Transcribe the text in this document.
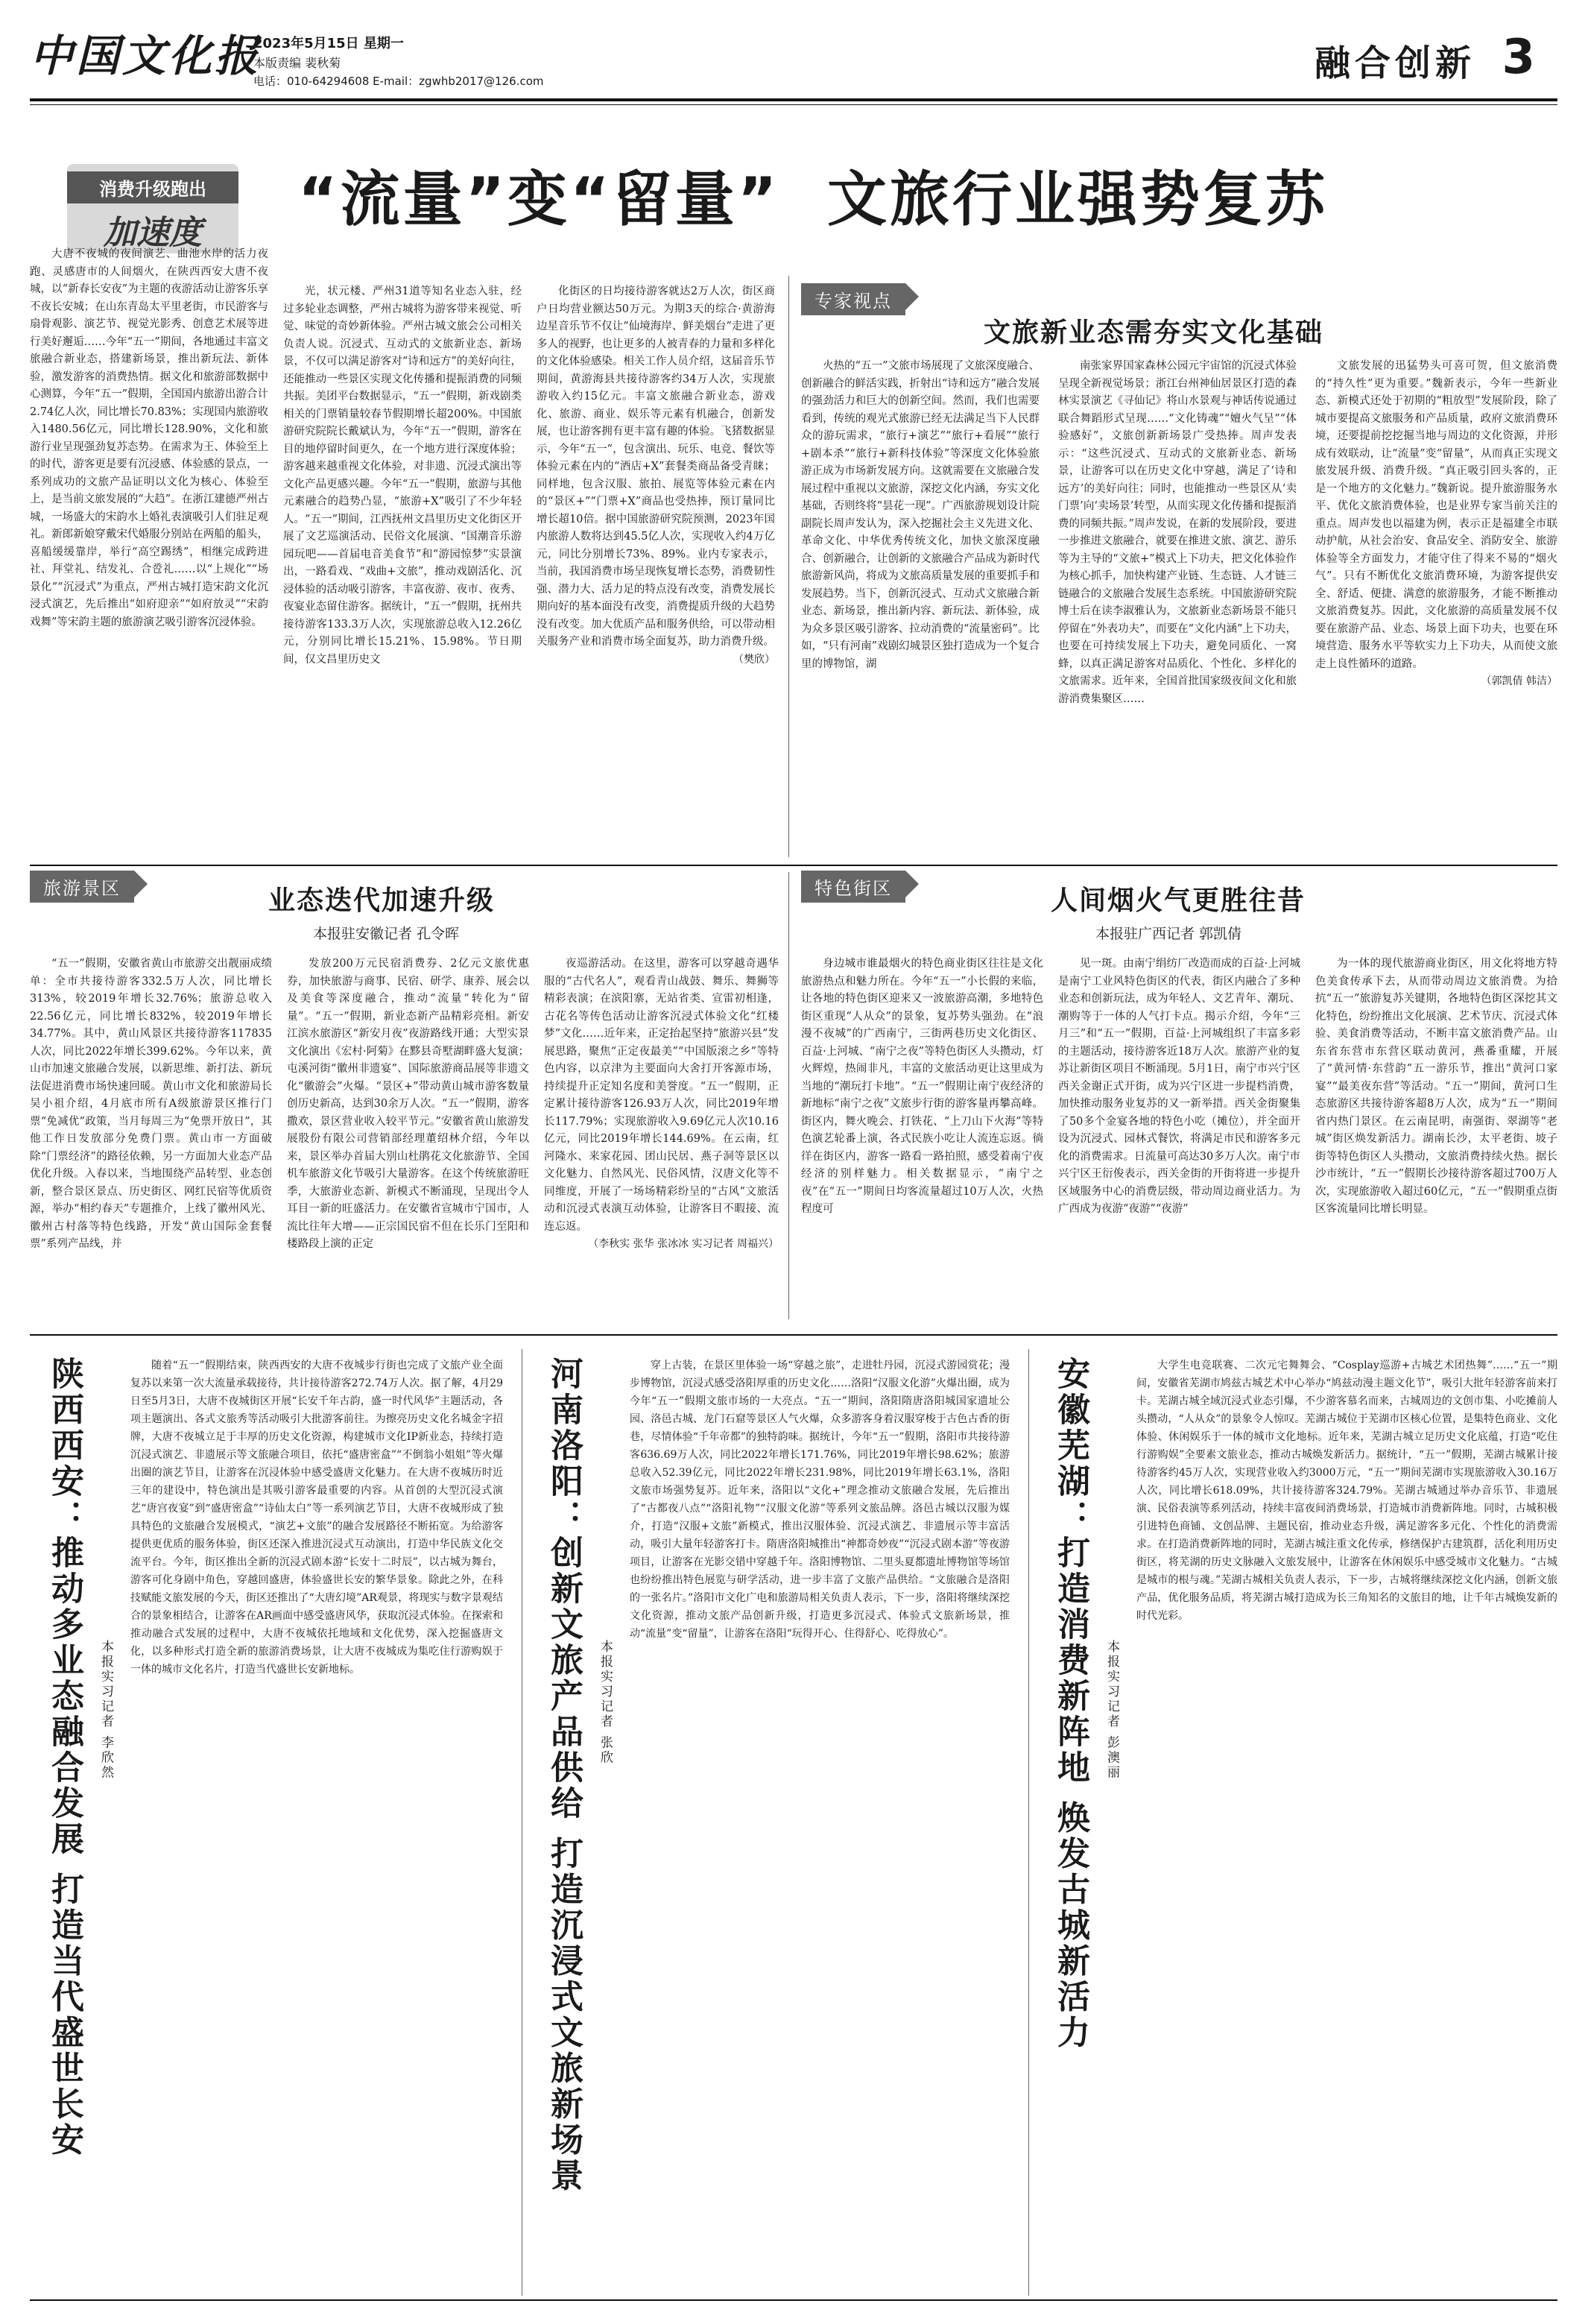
中国文化报
2023年5月15日 星期一
本版责编 裴秋菊
电话：010-64294608 E-mail：zgwhb2017@126.com	融合创新 3
消费升级跑出
加速度	“流量”变“留量”  文旅行业强势复苏

大唐不夜城的夜间演艺、曲池水岸的活力夜跑、灵感唐市的人间烟火，在陕西西安大唐不夜城，以“新春长安夜”为主题的夜游活动让游客乐享不夜长安城；在山东青岛太平里老街，市民游客与扇骨观影、演艺节、视觉光影秀、创意艺术展等进行美好邂逅……今年“五一”期间，各地通过丰富文旅融合新业态，搭建新场景，推出新玩法、新体验，激发游客的消费热情。据文化和旅游部数据中心测算，今年“五一”假期，全国国内旅游出游合计2.74亿人次，同比增长70.83%；实现国内旅游收入1480.56亿元，同比增长128.90%，文化和旅游行业呈现强劲复苏态势。在需求为王、体验至上的时代，游客更是要有沉浸感、体验感的景点，一系列成功的文旅产品证明以文化为核心、体验至上，是当前文旅发展的“大趋”。在浙江建德严州古城，一场盛大的宋韵水上婚礼表演吸引人们驻足观礼。新郎新娘穿戴宋代婚服分别站在两船的船头，喜船缓缓靠岸，举行“高空踢绣”，相继完成跨进社、拜堂礼、结发礼、合卺礼……以“上规化”“场景化”“沉浸式”为重点，严州古城打造宋韵文化沉浸式演艺，先后推出“如府迎亲”“如府放灵”“宋韵戏舞”等宋韵主题的旅游演艺吸引游客沉浸体验。

光，状元楼、严州31道等知名业态入驻，经过多轮业态调整，严州古城将为游客带来视觉、听觉、味觉的奇妙新体验。严州古城文旅会公司相关负责人说。沉浸式、互动式的文旅新业态、新场景，不仅可以满足游客对“诗和远方”的美好向往，还能推动一些景区实现文化传播和提振消费的同频共振。美团平台数据显示，“五一”假期，新戏剧类相关的门票销量较春节假期增长超200%。中国旅游研究院院长戴斌认为，今年“五一”假期，游客在目的地停留时间更久，在一个地方进行深度体验；游客越来越重视文化体验，对非遗、沉浸式演出等文化产品更感兴趣。今年“五一”假期，旅游与其他元素融合的趋势凸显，“旅游+X”吸引了不少年轻人。“五一”期间，江西抚州文昌里历史文化街区开展了文艺巡演活动、民俗文化展演、“国潮音乐游园玩吧——首届电音美食节”和“游园惊梦”实景演出，一路看戏、“戏曲+文旅”，推动戏剧活化、沉浸体验的活动吸引游客，丰富夜游、夜市、夜秀、夜宴业态留住游客。据统计，“五一”假期，抚州共接待游客133.3万人次，实现旅游总收入12.26亿元，分别同比增长15.21%、15.98%。节日期间，仅文昌里历史文

化街区的日均接待游客就达2万人次，街区商户日均营业额达50万元。为期3天的综合·黄游海边星音乐节不仅让“仙境海岸、鲜美烟台”走进了更多人的视野，也让更多的人被青春的力量和多样化的文化体验感染。相关工作人员介绍，这届音乐节期间，黄游海县共接待游客约34万人次，实现旅游收入约15亿元。丰富文旅融合新业态，游戏化、旅游、商业、娱乐等元素有机融合，创新发展，也让游客拥有更丰富有趣的体验。飞猪数据显示，今年“五一”，包含演出、玩乐、电竞、餐饮等体验元素在内的“酒店+X”套餐类商品备受青睐；同样地，包含汉服、旅拍、展览等体验元素在内的“景区+”“门票+X”商品也受热捧，预订量同比增长超10倍。据中国旅游研究院预测，2023年国内旅游人数将达到45.5亿人次，实现收入约4万亿元，同比分别增长73%、89%。业内专家表示，当前，我国消费市场呈现恢复增长态势，消费韧性强、潜力大、活力足的特点没有改变，消费发展长期向好的基本面没有改变，消费提质升级的大趋势没有改变。加大优质产品和服务供给，可以带动相关服务产业和消费市场全面复苏，助力消费升级。

（樊欣）
专家视点
文旅新业态需夯实文化基础

火热的“五一”文旅市场展现了文旅深度融合、创新融合的鲜活实践，折射出“诗和远方”融合发展的强劲活力和巨大的创新空间。然而，我们也需要看到，传统的观光式旅游已经无法满足当下人民群众的游玩需求，“旅行+演艺”“旅行+看展”“旅行+剧本杀”“旅行+新科技体验”等深度文化体验旅游正成为市场新发展方向。这就需要在文旅融合发展过程中重视以文旅游，深挖文化内涵，夯实文化基础，否则终将“昙花一现”。广西旅游规划设计院副院长周声发认为，深入挖掘社会主义先进文化、革命文化、中华优秀传统文化，加快文旅深度融合、创新融合，让创新的文旅融合产品成为新时代旅游新风尚，将成为文旅高质量发展的重要抓手和发展趋势。当下，创新沉浸式、互动式文旅融合新业态、新场景，推出新内容、新玩法、新体验，成为众多景区吸引游客、拉动消费的“流量密码”。比如，“只有河南”戏剧幻城景区独打造成为一个复合里的博物馆，湖

南张家界国家森林公园元宇宙馆的沉浸式体验呈现全新视觉场景；浙江台州神仙居景区打造的森林实景演艺《寻仙记》将山水景观与神话传说通过联合舞蹈形式呈现……“文化铸魂”“嬗火气呈”“体验感好”，文旅创新新场景广受热捧。周声发表示：“这些沉浸式、互动式的文旅新业态、新场景，让游客可以在历史文化中穿越，满足了‘诗和远方’的美好向往；同时，也能推动一些景区从‘卖门票’向‘卖场景’转型，从而实现文化传播和提振消费的同频共振。”周声发说，在新的发展阶段，要进一步推进文旅融合，就要在推进文旅、演艺、游乐等为主导的“文旅+”模式上下功夫，把文化体验作为核心抓手，加快构建产业链、生态链、人才链三链融合的文旅融合发展生态系统。中国旅游研究院博士后在读李淑雅认为，文旅新业态新场景不能只停留在“外表功夫”，而要在“文化内涵”上下功夫，也要在可持续发展上下功夫，避免同质化、一窝蜂，以真正满足游客对品质化、个性化、多样化的文旅需求。近年来，全国首批国家级夜间文化和旅游消费集聚区……

文旅发展的迅猛势头可喜可贺，但文旅消费的“持久性”更为重要。”魏新表示，今年一些新业态、新模式还处于初期的“粗放型”发展阶段，除了城市要提高文旅服务和产品质量，政府文旅消费环境，还要提前挖挖掘当地与周边的文化资源，并形成有效联动，让“流量”变“留量”，从而真正实现文旅发展升级、消费升级。“真正吸引回头客的，正是一个地方的文化魅力。”魏新说。提升旅游服务水平、优化文旅消费体验，也是业界专家当前关注的重点。周声发也以福建为例，表示正是福建全市联动护航，从社会治安、食品安全、消防安全、旅游体验等全方面发力，才能守住了得来不易的“烟火气”。只有不断优化文旅消费环境，为游客提供安全、舒适、便捷、满意的旅游服务，才能不断推动文旅消费复苏。因此，文化旅游的高质量发展不仅要在旅游产品、业态、场景上面下功夫，也要在环境营造、服务水平等软实力上下功夫，从而使文旅走上良性循环的道路。

（郭凯倩 韩洁）
旅游景区	业态迭代加速升级
本报驻安徽记者 孔令晖

“五一”假期，安徽省黄山市旅游交出靓丽成绩单：全市共接待游客332.5万人次，同比增长313%，较2019年增长32.76%；旅游总收入22.56亿元，同比增长832%，较2019年增长34.77%。其中，黄山风景区共接待游客117835人次，同比2022年增长399.62%。今年以来，黄山市加速文旅融合发展，以新思维、新打法、新玩法促进消费市场快速回暖。黄山市文化和旅游局长吴小祖介绍，4月底市所有A级旅游景区推行门票“免减优”政策，当月每周三为“免票开放日”，其他工作日发放部分免费门票。黄山市一方面破除“门票经济”的路径依赖，另一方面加大业态产品优化升级。入春以来，当地围绕产品转型、业态创新，整合景区景点、历史街区、网红民宿等优质资源，举办“相约春天”专题推介，上线了徽州风光、徽州古村落等特色线路，开发“黄山国际金套餐票”系列产品线，并

发放200万元民宿消费券、2亿元文旅优惠券，加快旅游与商事、民宿、研学、康养、展会以及美食等深度融合，推动“流量”转化为“留量”。“五一”假期，新业态新产品精彩亮相。新安江滨水旅游区“新安月夜”夜游路线开通；大型实景文化演出《宏村·阿菊》在黟县奇墅湖畔盛大复演；屯溪河街“徽州非遗宴”、国际旅游商品展等非遗文化“徽游会”火爆。“景区+”带动黄山城市游客数量创历史新高，达到30余万人次。“五一”假期，游客撒欢，景区营业收入较平节元。”安徽省黄山旅游发展股份有限公司营销部经理董绍林介绍，今年以来，景区举办首届大别山杜鹃花文化旅游节、全国机车旅游文化节吸引大量游客。在这个传统旅游旺季，大旅游业态新、新模式不断涌现，呈现出令人耳目一新的旺盛活力。在安徽省宣城市宁国市，人流比往年大增——正宗国民宿不但在长乐门至阳和楼路段上演的正定

夜巡游活动。在这里，游客可以穿越奇遇华服的“古代名人”，观看青山战鼓、舞乐、舞狮等精彩表演；在滨阳寨，无站省类、宣雷初相逢，古花名等传色活动让游客沉浸式体验文化“红楼梦”文化……近年来，正定抬起坚持“旅游兴县”发展思路，聚焦“正定夜最美”“中国版滚之乡”等特色内容，以京津为主要面向大舍打开客源市场，持续提升正定知名度和美誉度。“五一”假期，正定累计接待游客126.93万人次，同比2019年增长117.79%；实现旅游收入9.69亿元人次10.16亿元，同比2019年增长144.69%。在云南，红河隆水、来家花园、团山民居、燕子洞等景区以文化魅力、自然风光、民俗风情，汉唐文化等不同维度，开展了一场场精彩纷呈的“古风”文旅活动和沉浸式表演互动体验，让游客目不暇接、流连忘返。

（李秋实 张华 张冰冰 实习记者 周福兴）
特色街区	人间烟火气更胜往昔
本报驻广西记者 郭凯倩

身边城市谁最烟火的特色商业街区往往是文化旅游热点和魅力所在。今年“五一”小长假的来临，让各地的特色街区迎来又一波旅游高潮，多地特色街区重现“人从众”的景象，复苏势头强劲。在“浪漫不夜城”的广西南宁，三街两巷历史文化街区、百益·上河城、“南宁之夜”等特色街区人头攒动，灯火辉煌，热闹非凡，丰富的文旅活动更让这里成为当地的“潮玩打卡地”。“五一”假期让南宁夜经济的新地标“南宁之夜”文旅步行街的游客量再攀高峰。街区内，舞火晚会、打铁花、“上刀山下火海”等特色演艺轮番上演，各式民族小吃让人流连忘返。徜徉在街区内，游客一路看一路拍照，感受着南宁夜经济的别样魅力。相关数据显示，“南宁之夜”在“五一”期间日均客流量超过10万人次，火热程度可

见一斑。由南宁绢纺厂改造而成的百益·上河城是南宁工业风特色街区的代表，街区内融合了多种业态和创新玩法，成为年轻人、文艺青年、潮玩、潮购等于一体的人气打卡点。揭示介绍，今年“三月三”和“五一”假期，百益·上河城组织了丰富多彩的主题活动，接待游客近18万人次。旅游产业的复苏让新街区项目不断涌现。5月1日，南宁市兴宁区西关金谢正式开街，成为兴宁区进一步提档消费，加快推动服务业复苏的又一新举措。西关金街聚集了50多个金宴各地的特色小吃（摊位），并全面开设为沉浸式、园林式餐饮，将满足市民和游客多元化的消费需求。日流量可高达30多万人次。南宁市兴宁区王衍俊表示，西关金街的开街将进一步提升区域服务中心的消费层级，带动周边商业活力。为广西成为夜游“夜游”“夜游”

为一体的现代旅游商业街区，用文化将地方特色美食传承下去，从而带动周边文旅消费。为拾抗“五一”旅游复苏关键期，各地特色街区深挖其文化特色，纷纷推出文化展演、艺术节庆、沉浸式体验、美食消费等活动，不断丰富文旅消费产品。山东省东营市东营区联动黄河，燕番重耀，开展了“黄河情·东营韵”五一游乐节，推出“黄河口家宴”“最美夜东营”等活动。“五一”期间，黄河口生态旅游区共接待游客超8万人次，成为“五一”期间省内热门景区。在云南昆明，南强街、翠湖等“老城”街区焕发新活力。湖南长沙，太平老街、坡子街等特色街区人头攒动，文旅消费持续火热。据长沙市统计，“五一”假期长沙接待游客超过700万人次，实现旅游收入超过60亿元，“五一”假期重点街区客流量同比增长明显。

陕西西安：推动多业态融合发展 打造当代盛世长安 本报实习记者 李欣然

随着“五一”假期结束，陕西西安的大唐不夜城步行街也完成了文旅产业全面复苏以来第一次大流量承载接待，共计接待游客272.74万人次。据了解，4月29日至5月3日，大唐不夜城街区开展“长安千年古韵，盛一时代风华”主题活动，各项主题演出、各式文旅秀等活动吸引大批游客前往。为擦亮历史文化名城金字招牌，大唐不夜城立足于丰厚的历史文化资源，构建城市文化IP新业态，持续打造沉浸式演艺、非遗展示等文旅融合项目，依托“盛唐密盒”“不倒翁小姐姐”等火爆出圈的演艺节目，让游客在沉浸体验中感受盛唐文化魅力。在大唐不夜城历时近三年的建设中，特色演出是其吸引游客最重要的内容。从首创的大型沉浸式演艺“唐宫夜宴”到“盛唐密盒”“诗仙太白”等一系列演艺节目，大唐不夜城形成了独具特色的文旅融合发展模式，“演艺+文旅”的融合发展路径不断拓宽。为给游客提供更优质的服务体验，街区还深入推进沉浸式互动演出，打造中华民族文化交流平台。今年，街区推出全新的沉浸式剧本游“长安十二时辰”，以古城为舞台，游客可化身剧中角色，穿越回盛唐，体验盛世长安的繁华景象。除此之外，在科技赋能文旅发展的今天，街区还推出了“大唐幻境”AR观景，将现实与数字景观结合的景象相结合，让游客在AR画面中感受盛唐风华，获取沉浸式体验。在探索和推动融合式发展的过程中，大唐不夜城依托地域和文化优势，深入挖掘盛唐文化，以多种形式打造全新的旅游消费场景，让大唐不夜城成为集吃住行游购娱于一体的城市文化名片，打造当代盛世长安新地标。	河南洛阳：创新文旅产品供给 打造沉浸式文旅新场景 本报实习记者 张欣

穿上古装，在景区里体验一场“穿越之旅”，走进牡丹园，沉浸式游园赏花；漫步博物馆，沉浸式感受洛阳厚重的历史文化……洛阳“汉服文化游”火爆出圈，成为今年“五一”假期文旅市场的一大亮点。“五一”期间，洛阳隋唐洛阳城国家遗址公园、洛邑古城、龙门石窟等景区人气火爆，众多游客身着汉服穿梭于古色古香的街巷，尽情体验“千年帝都”的独特韵味。据统计，今年“五一”假期，洛阳市共接待游客636.69万人次，同比2022年增长171.76%，同比2019年增长98.62%；旅游总收入52.39亿元，同比2022年增长231.98%，同比2019年增长63.1%，洛阳文旅市场强势复苏。近年来，洛阳以“文化+”理念推动文旅融合发展，先后推出了“古都夜八点”“洛阳礼物”“汉服文化游”等系列文旅品牌。洛邑古城以汉服为媒介，打造“汉服+文旅”新模式，推出汉服体验、沉浸式演艺、非遗展示等丰富活动，吸引大量年轻游客打卡。隋唐洛阳城推出“神都奇妙夜”“沉浸式剧本游”等夜游项目，让游客在光影交错中穿越千年。洛阳博物馆、二里头夏都遗址博物馆等场馆也纷纷推出特色展览与研学活动，进一步丰富了文旅产品供给。“文旅融合是洛阳的一张名片。”洛阳市文化广电和旅游局相关负责人表示，下一步，洛阳将继续深挖文化资源，推动文旅产品创新升级，打造更多沉浸式、体验式文旅新场景，推动“流量”变“留量”，让游客在洛阳“玩得开心、住得舒心、吃得放心”。	安徽芜湖：打造消费新阵地 焕发古城新活力 本报实习记者 彭澳丽

大学生电竞联赛、二次元宅舞舞会、“Cosplay巡游+古城艺术团热舞”……“五一”期间，安徽省芜湖市鸠兹古城艺术中心举办“鸠兹动漫主题文化节”，吸引大批年轻游客前来打卡。芜湖古城全域沉浸式业态引爆，不少游客慕名而来，古城周边的文创市集、小吃摊前人头攒动，“人从众”的景象令人惊叹。芜湖古城位于芜湖市区核心位置，是集特色商业、文化体验、休闲娱乐于一体的城市文化地标。近年来，芜湖古城立足历史文化底蕴，打造“吃住行游购娱”全要素文旅业态，推动古城焕发新活力。据统计，“五一”假期，芜湖古城累计接待游客约45万人次，实现营业收入约3000万元，“五一”期间芜湖市实现旅游收入30.16万人次，同比增长618.09%，共计接待游客324.79%。芜湖古城通过举办音乐节、非遗展演、民俗表演等系列活动，持续丰富夜间消费场景，打造城市消费新阵地。同时，古城积极引进特色商铺、文创品牌、主题民宿，推动业态升级，满足游客多元化、个性化的消费需求。在打造消费新阵地的同时，芜湖古城注重文化传承，修缮保护古建筑群，活化利用历史街区，将芜湖的历史文脉融入文旅发展中，让游客在休闲娱乐中感受城市文化魅力。“古城是城市的根与魂。”芜湖古城相关负责人表示，下一步，古城将继续深挖文化内涵，创新文旅产品，优化服务品质，将芜湖古城打造成为长三角知名的文旅目的地，让千年古城焕发新的时代光彩。
